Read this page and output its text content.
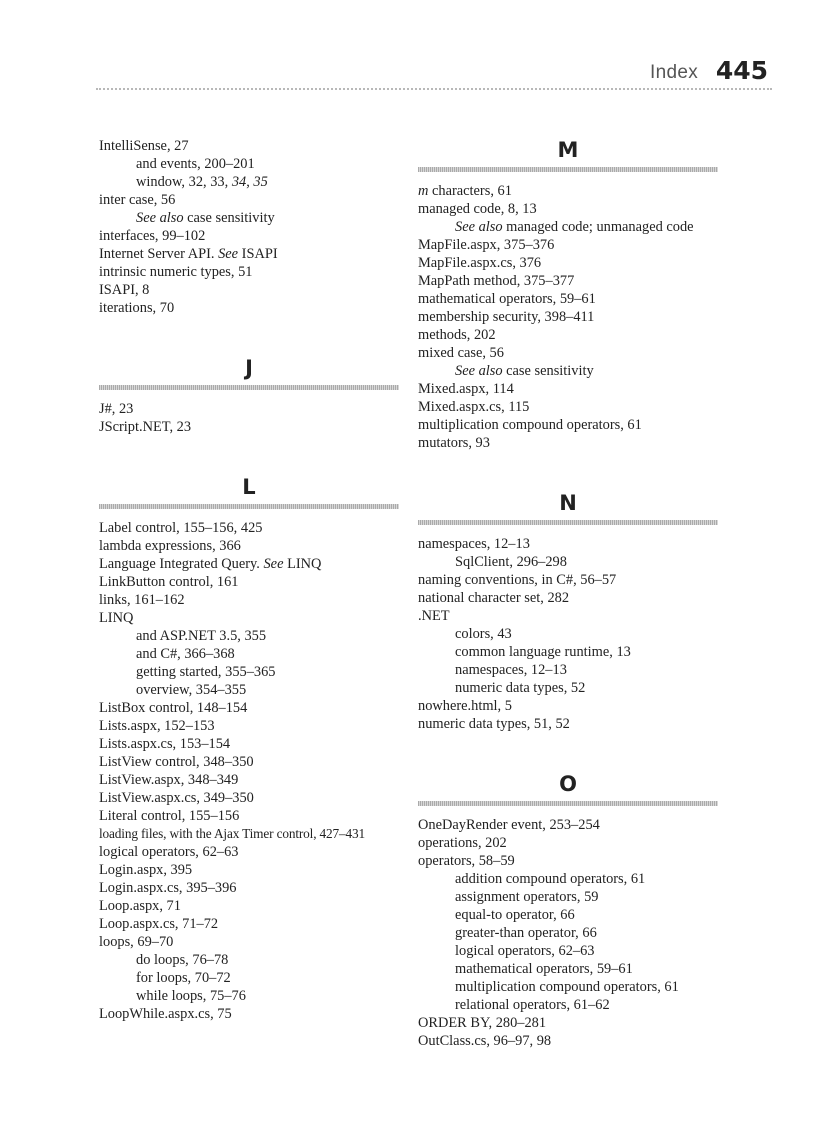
Index 445
IntelliSense, 27
and events, 200–201
window, 32, 33, 34, 35
inter case, 56
See also case sensitivity
interfaces, 99–102
Internet Server API. See ISAPI
intrinsic numeric types, 51
ISAPI, 8
iterations, 70
J
J#, 23
JScript.NET, 23
L
Label control, 155–156, 425
lambda expressions, 366
Language Integrated Query. See LINQ
LinkButton control, 161
links, 161–162
LINQ
and ASP.NET 3.5, 355
and C#, 366–368
getting started, 355–365
overview, 354–355
ListBox control, 148–154
Lists.aspx, 152–153
Lists.aspx.cs, 153–154
ListView control, 348–350
ListView.aspx, 348–349
ListView.aspx.cs, 349–350
Literal control, 155–156
loading files, with the Ajax Timer control, 427–431
logical operators, 62–63
Login.aspx, 395
Login.aspx.cs, 395–396
Loop.aspx, 71
Loop.aspx.cs, 71–72
loops, 69–70
do loops, 76–78
for loops, 70–72
while loops, 75–76
LoopWhile.aspx.cs, 75
M
m characters, 61
managed code, 8, 13
See also managed code; unmanaged code
MapFile.aspx, 375–376
MapFile.aspx.cs, 376
MapPath method, 375–377
mathematical operators, 59–61
membership security, 398–411
methods, 202
mixed case, 56
See also case sensitivity
Mixed.aspx, 114
Mixed.aspx.cs, 115
multiplication compound operators, 61
mutators, 93
N
namespaces, 12–13
SqlClient, 296–298
naming conventions, in C#, 56–57
national character set, 282
.NET
colors, 43
common language runtime, 13
namespaces, 12–13
numeric data types, 52
nowhere.html, 5
numeric data types, 51, 52
O
OneDayRender event, 253–254
operations, 202
operators, 58–59
addition compound operators, 61
assignment operators, 59
equal-to operator, 66
greater-than operator, 66
logical operators, 62–63
mathematical operators, 59–61
multiplication compound operators, 61
relational operators, 61–62
ORDER BY, 280–281
OutClass.cs, 96–97, 98
